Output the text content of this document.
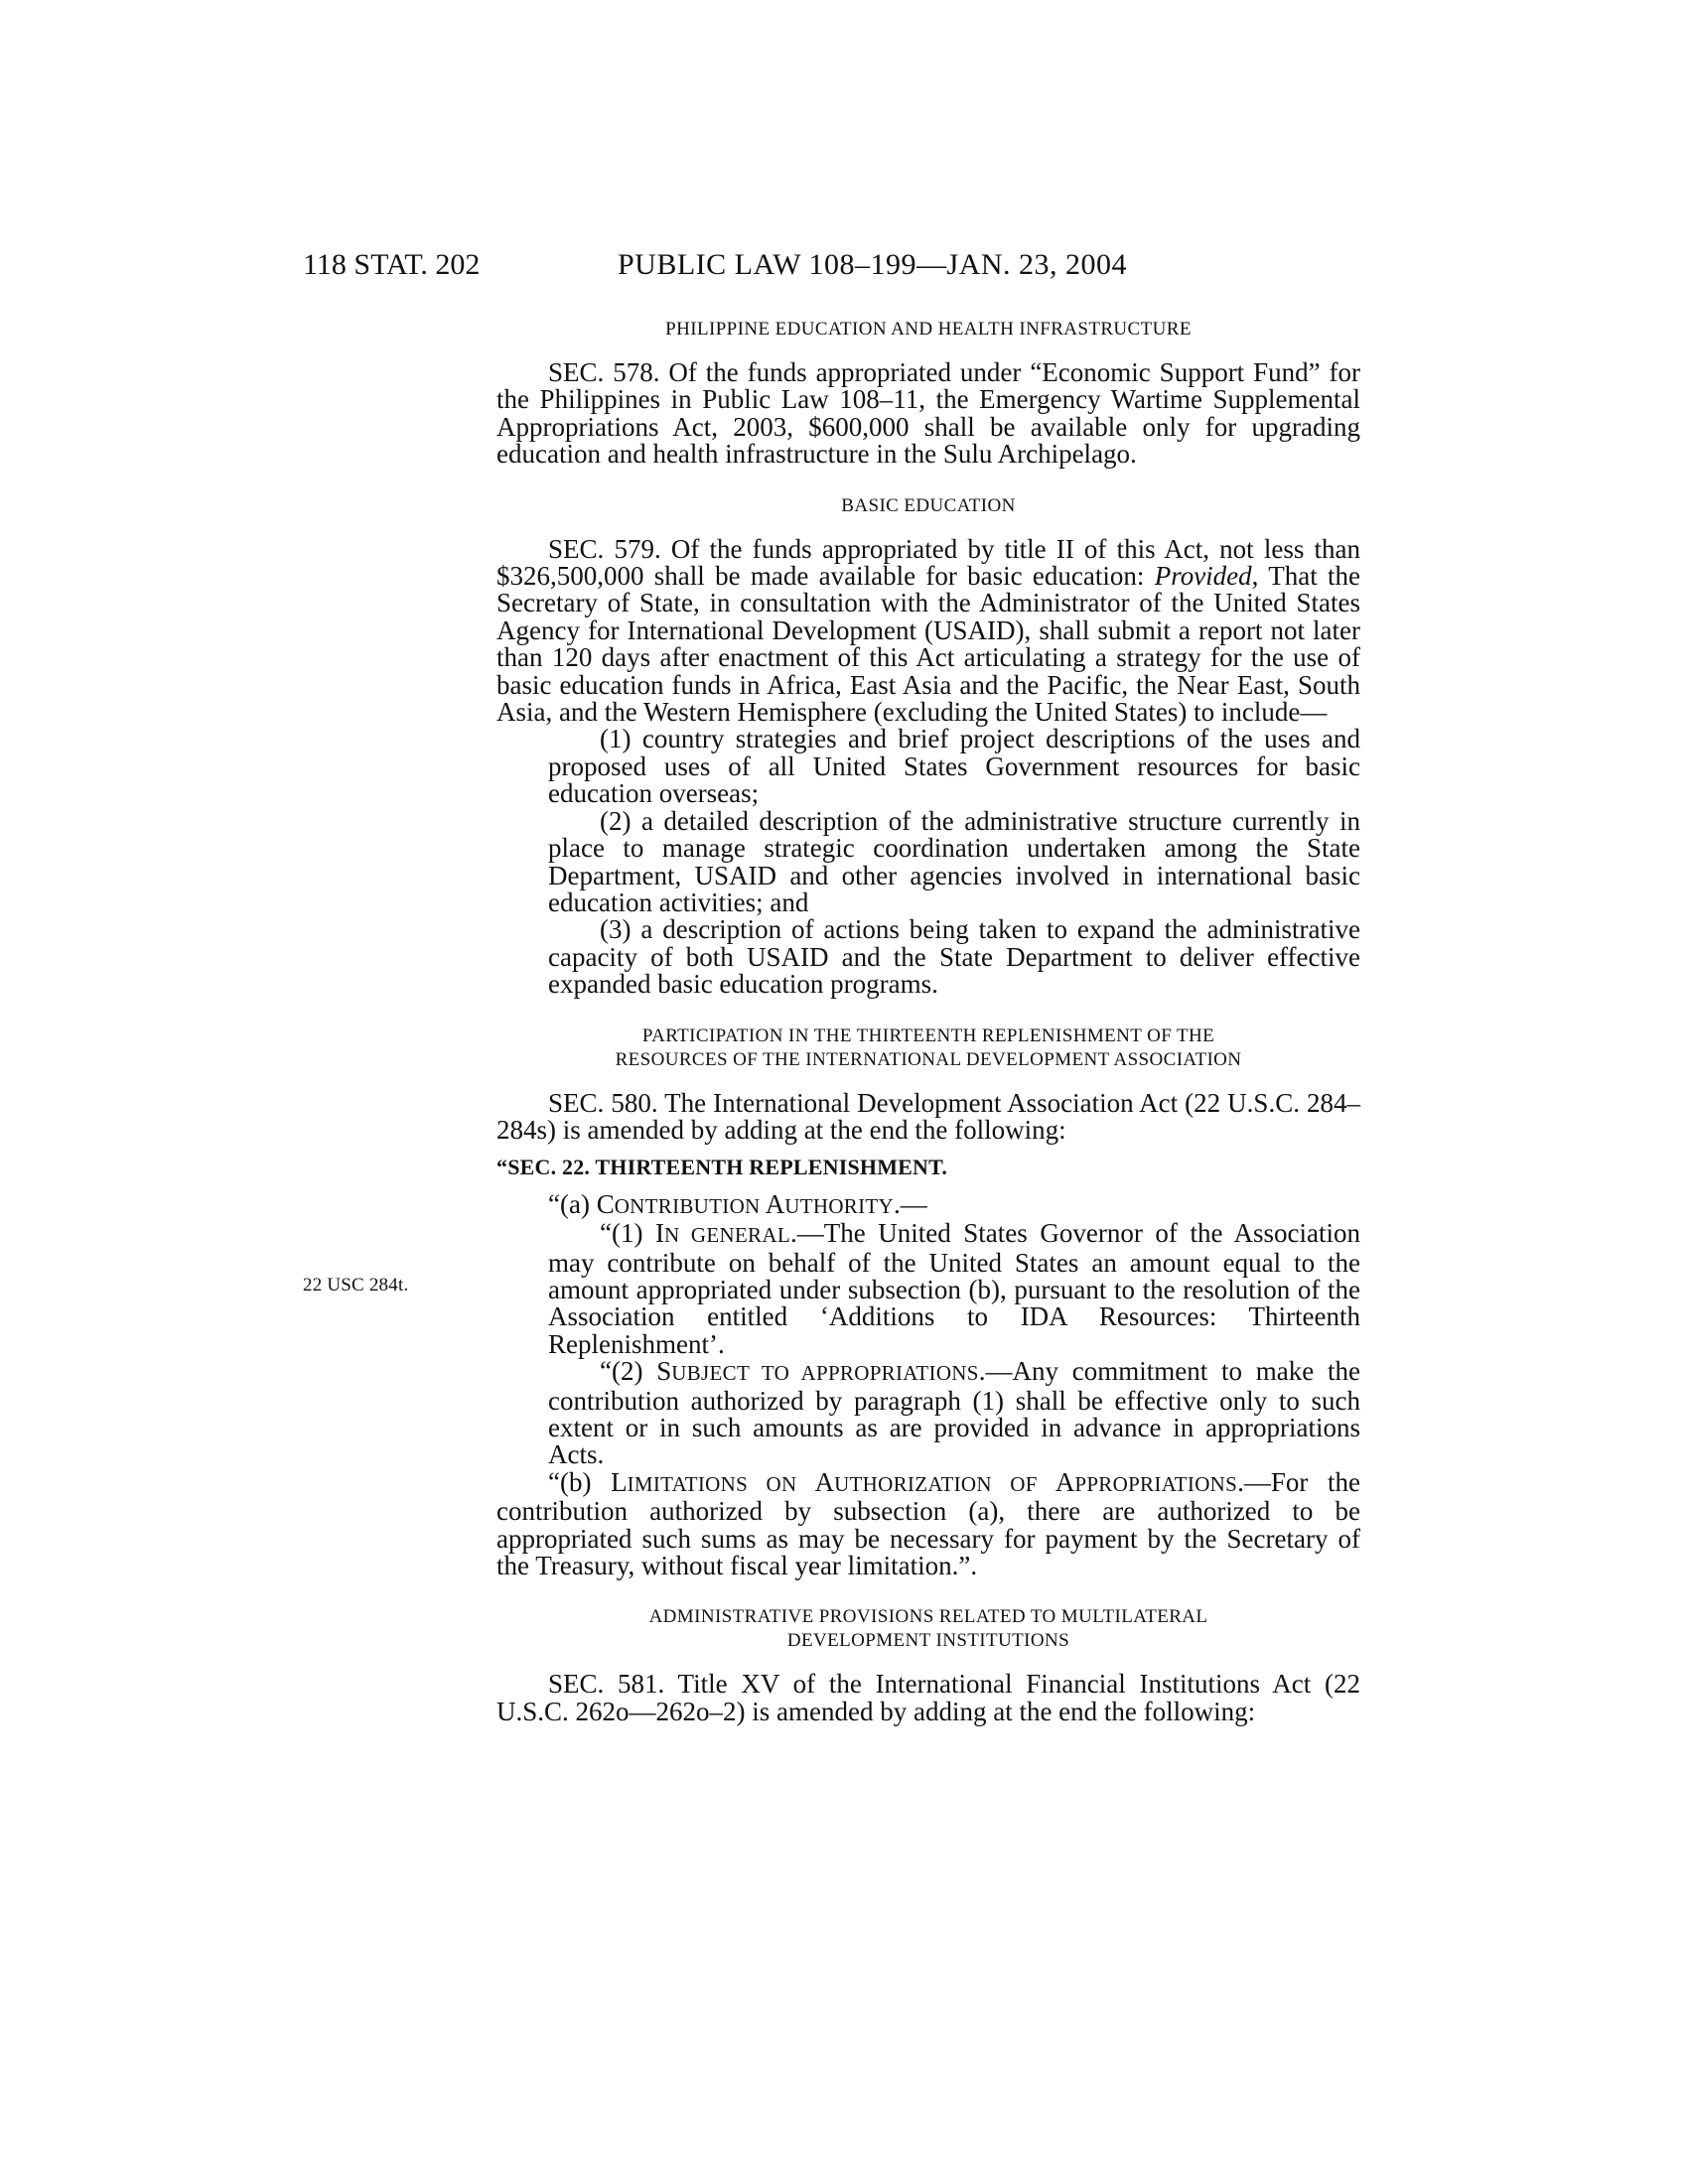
118 STAT. 202	PUBLIC LAW 108–199—JAN. 23, 2004
22 USC 284t.

PHILIPPINE EDUCATION AND HEALTH INFRASTRUCTURE

SEC. 578. Of the funds appropriated under “Economic Support Fund” for the Philippines in Public Law 108–11, the Emergency Wartime Supplemental Appropriations Act, 2003, $600,000 shall be available only for upgrading education and health infrastructure in the Sulu Archipelago.

BASIC EDUCATION

SEC. 579. Of the funds appropriated by title II of this Act, not less than $326,500,000 shall be made available for basic education: Provided, That the Secretary of State, in consultation with the Administrator of the United States Agency for International Development (USAID), shall submit a report not later than 120 days after enactment of this Act articulating a strategy for the use of basic education funds in Africa, East Asia and the Pacific, the Near East, South Asia, and the Western Hemisphere (excluding the United States) to include—

(1) country strategies and brief project descriptions of the uses and proposed uses of all United States Government resources for basic education overseas;

(2) a detailed description of the administrative structure currently in place to manage strategic coordination undertaken among the State Department, USAID and other agencies involved in international basic education activities; and

(3) a description of actions being taken to expand the administrative capacity of both USAID and the State Department to deliver effective expanded basic education programs.

PARTICIPATION IN THE THIRTEENTH REPLENISHMENT OF THE

RESOURCES OF THE INTERNATIONAL DEVELOPMENT ASSOCIATION

SEC. 580. The International Development Association Act (22 U.S.C. 284–284s) is amended by adding at the end the following:

“SEC. 22. THIRTEENTH REPLENISHMENT.

“(a) CONTRIBUTION AUTHORITY.—

“(1) IN GENERAL.—The United States Governor of the Association may contribute on behalf of the United States an amount equal to the amount appropriated under subsection (b), pursuant to the resolution of the Association entitled ‘Additions to IDA Resources: Thirteenth Replenishment’.

“(2) SUBJECT TO APPROPRIATIONS.—Any commitment to make the contribution authorized by paragraph (1) shall be effective only to such extent or in such amounts as are provided in advance in appropriations Acts.

“(b) LIMITATIONS ON AUTHORIZATION OF APPROPRIATIONS.—For the contribution authorized by subsection (a), there are authorized to be appropriated such sums as may be necessary for payment by the Secretary of the Treasury, without fiscal year limitation.”.

ADMINISTRATIVE PROVISIONS RELATED TO MULTILATERAL

DEVELOPMENT INSTITUTIONS

SEC. 581. Title XV of the International Financial Institutions Act (22 U.S.C. 262o—262o–2) is amended by adding at the end the following:
